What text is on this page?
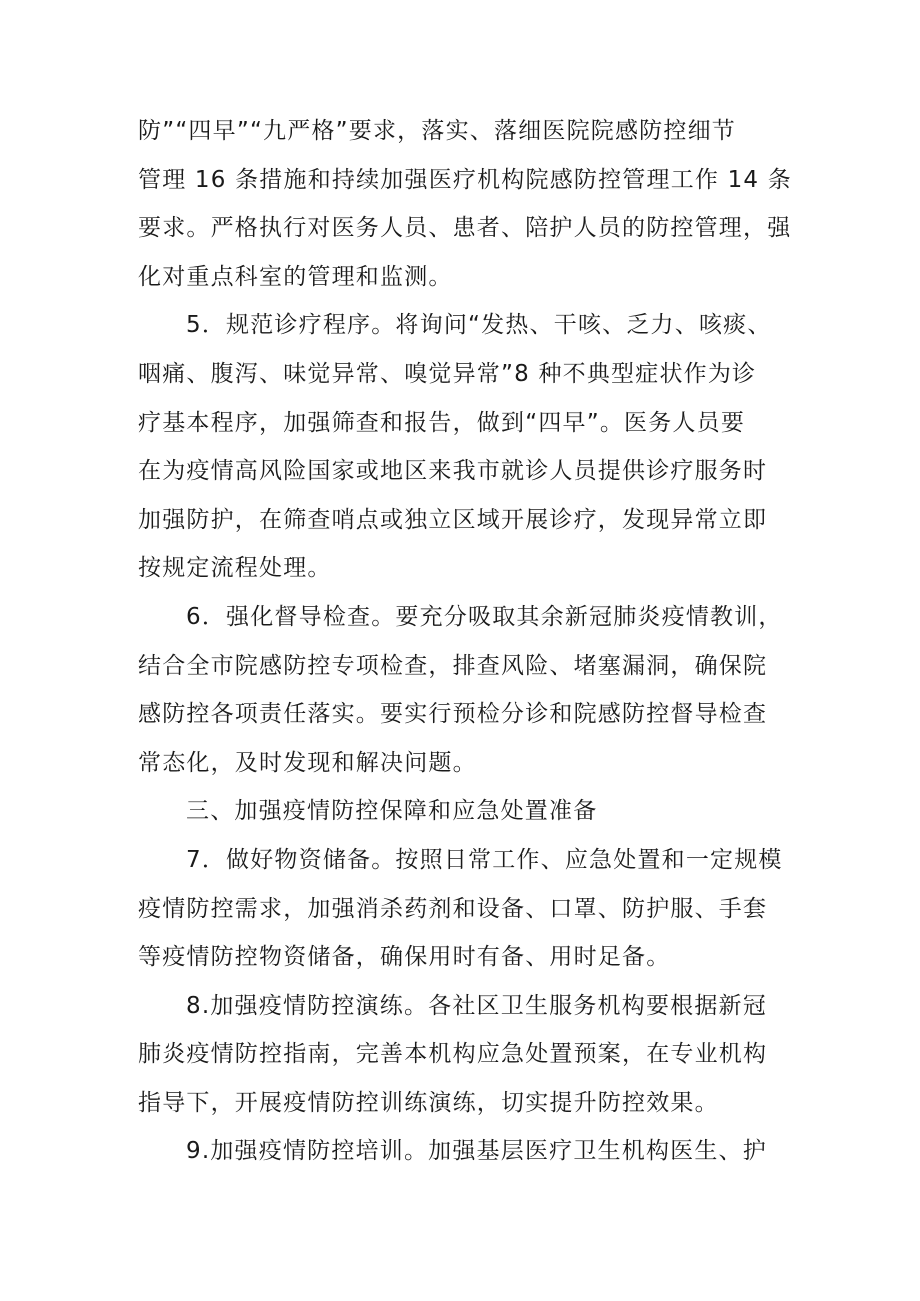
防”“四早”“九严格”要求，落实、落细医院院感防控细节
管理 16 条措施和持续加强医疗机构院感防控管理工作 14 条
要求。严格执行对医务人员、患者、陪护人员的防控管理，强
化对重点科室的管理和监测。
5．规范诊疗程序。将询问“发热、干咳、乏力、咳痰、
咽痛、腹泻、味觉异常、嗅觉异常”8 种不典型症状作为诊
疗基本程序，加强筛查和报告，做到“四早”。医务人员要
在为疫情高风险国家或地区来我市就诊人员提供诊疗服务时
加强防护，在筛查哨点或独立区域开展诊疗，发现异常立即
按规定流程处理。
6．强化督导检查。要充分吸取其余新冠肺炎疫情教训，
结合全市院感防控专项检查，排查风险、堵塞漏洞，确保院
感防控各项责任落实。要实行预检分诊和院感防控督导检查
常态化，及时发现和解决问题。
三、加强疫情防控保障和应急处置准备
7．做好物资储备。按照日常工作、应急处置和一定规模
疫情防控需求，加强消杀药剂和设备、口罩、防护服、手套
等疫情防控物资储备，确保用时有备、用时足备。
8.加强疫情防控演练。各社区卫生服务机构要根据新冠
肺炎疫情防控指南，完善本机构应急处置预案，在专业机构
指导下，开展疫情防控训练演练，切实提升防控效果。
9.加强疫情防控培训。加强基层医疗卫生机构医生、护
